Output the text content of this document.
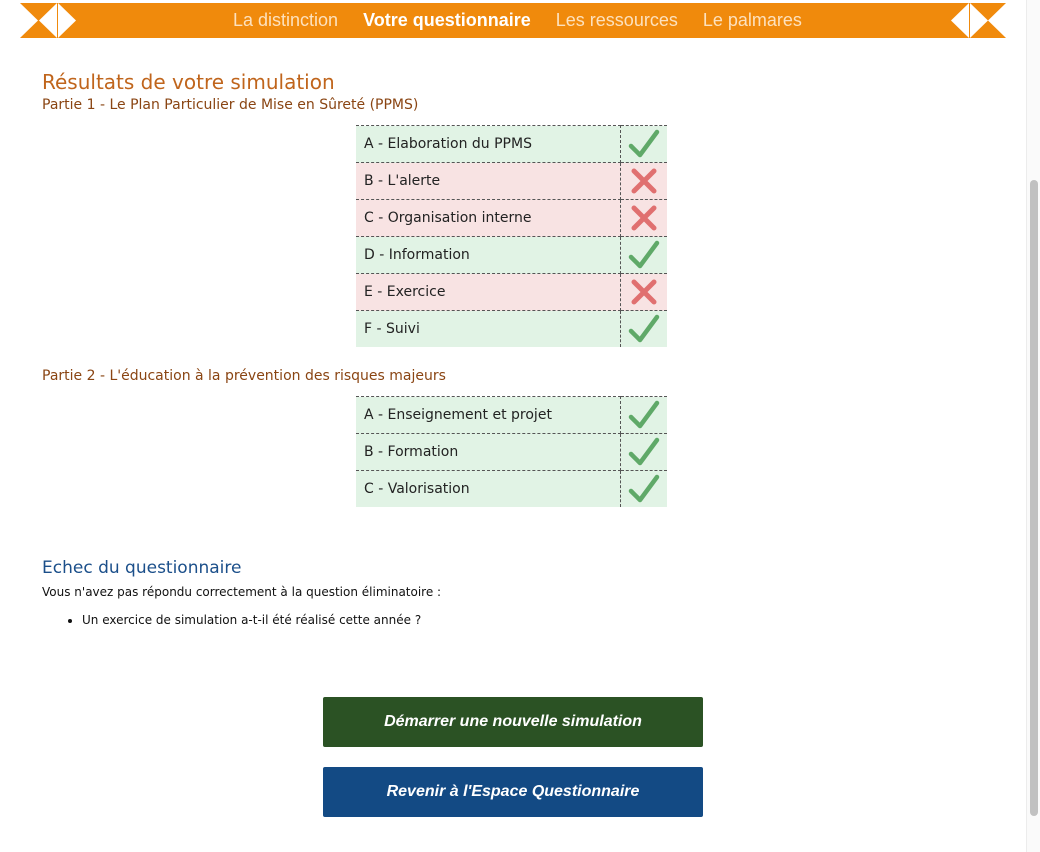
La distinction Votre questionnaire Les ressources Le palmares
Résultats de votre simulation
Partie 1 - Le Plan Particulier de Mise en Sûreté (PPMS)
A - Elaboration du PPMS	

B - L'alerte	

C - Organisation interne	

D - Information	

E - Exercice	

F - Suivi	
Partie 2 - L'éducation à la prévention des risques majeurs
A - Enseignement et projet	

B - Formation	

C - Valorisation	
Echec du questionnaire

Vous n'avez pas répondu correctement à la question éliminatoire :

• Un exercice de simulation a-t-il été réalisé cette année ?
Démarrer une nouvelle simulation
Revenir à l'Espace Questionnaire
